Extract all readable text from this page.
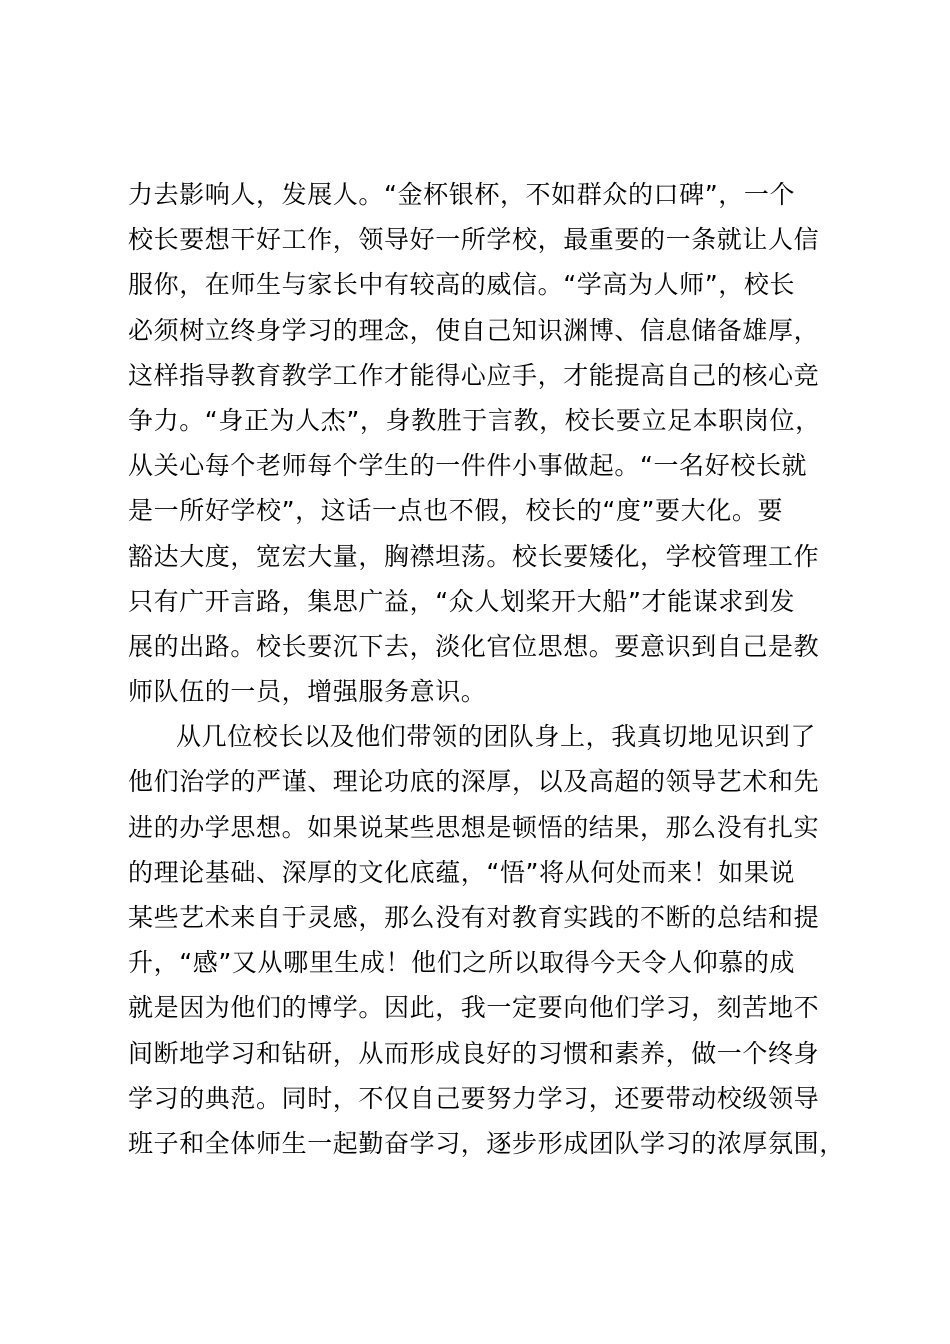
力去影响人，发展人。“金杯银杯，不如群众的口碑”，一个
校长要想干好工作，领导好一所学校，最重要的一条就让人信
服你，在师生与家长中有较高的威信。“学高为人师”，校长
必须树立终身学习的理念，使自己知识渊博、信息储备雄厚，
这样指导教育教学工作才能得心应手，才能提高自己的核心竞
争力。“身正为人杰”，身教胜于言教，校长要立足本职岗位，
从关心每个老师每个学生的一件件小事做起。“一名好校长就
是一所好学校”，这话一点也不假，校长的“度”要大化。要
豁达大度，宽宏大量，胸襟坦荡。校长要矮化，学校管理工作
只有广开言路，集思广益，“众人划桨开大船”才能谋求到发
展的出路。校长要沉下去，淡化官位思想。要意识到自己是教
师队伍的一员，增强服务意识。
从几位校长以及他们带领的团队身上，我真切地见识到了
他们治学的严谨、理论功底的深厚，以及高超的领导艺术和先
进的办学思想。如果说某些思想是顿悟的结果，那么没有扎实
的理论基础、深厚的文化底蕴，“悟”将从何处而来！如果说
某些艺术来自于灵感，那么没有对教育实践的不断的总结和提
升，“感”又从哪里生成！他们之所以取得今天令人仰慕的成
就是因为他们的博学。因此，我一定要向他们学习，刻苦地不
间断地学习和钻研，从而形成良好的习惯和素养，做一个终身
学习的典范。同时，不仅自己要努力学习，还要带动校级领导
班子和全体师生一起勤奋学习，逐步形成团队学习的浓厚氛围，
